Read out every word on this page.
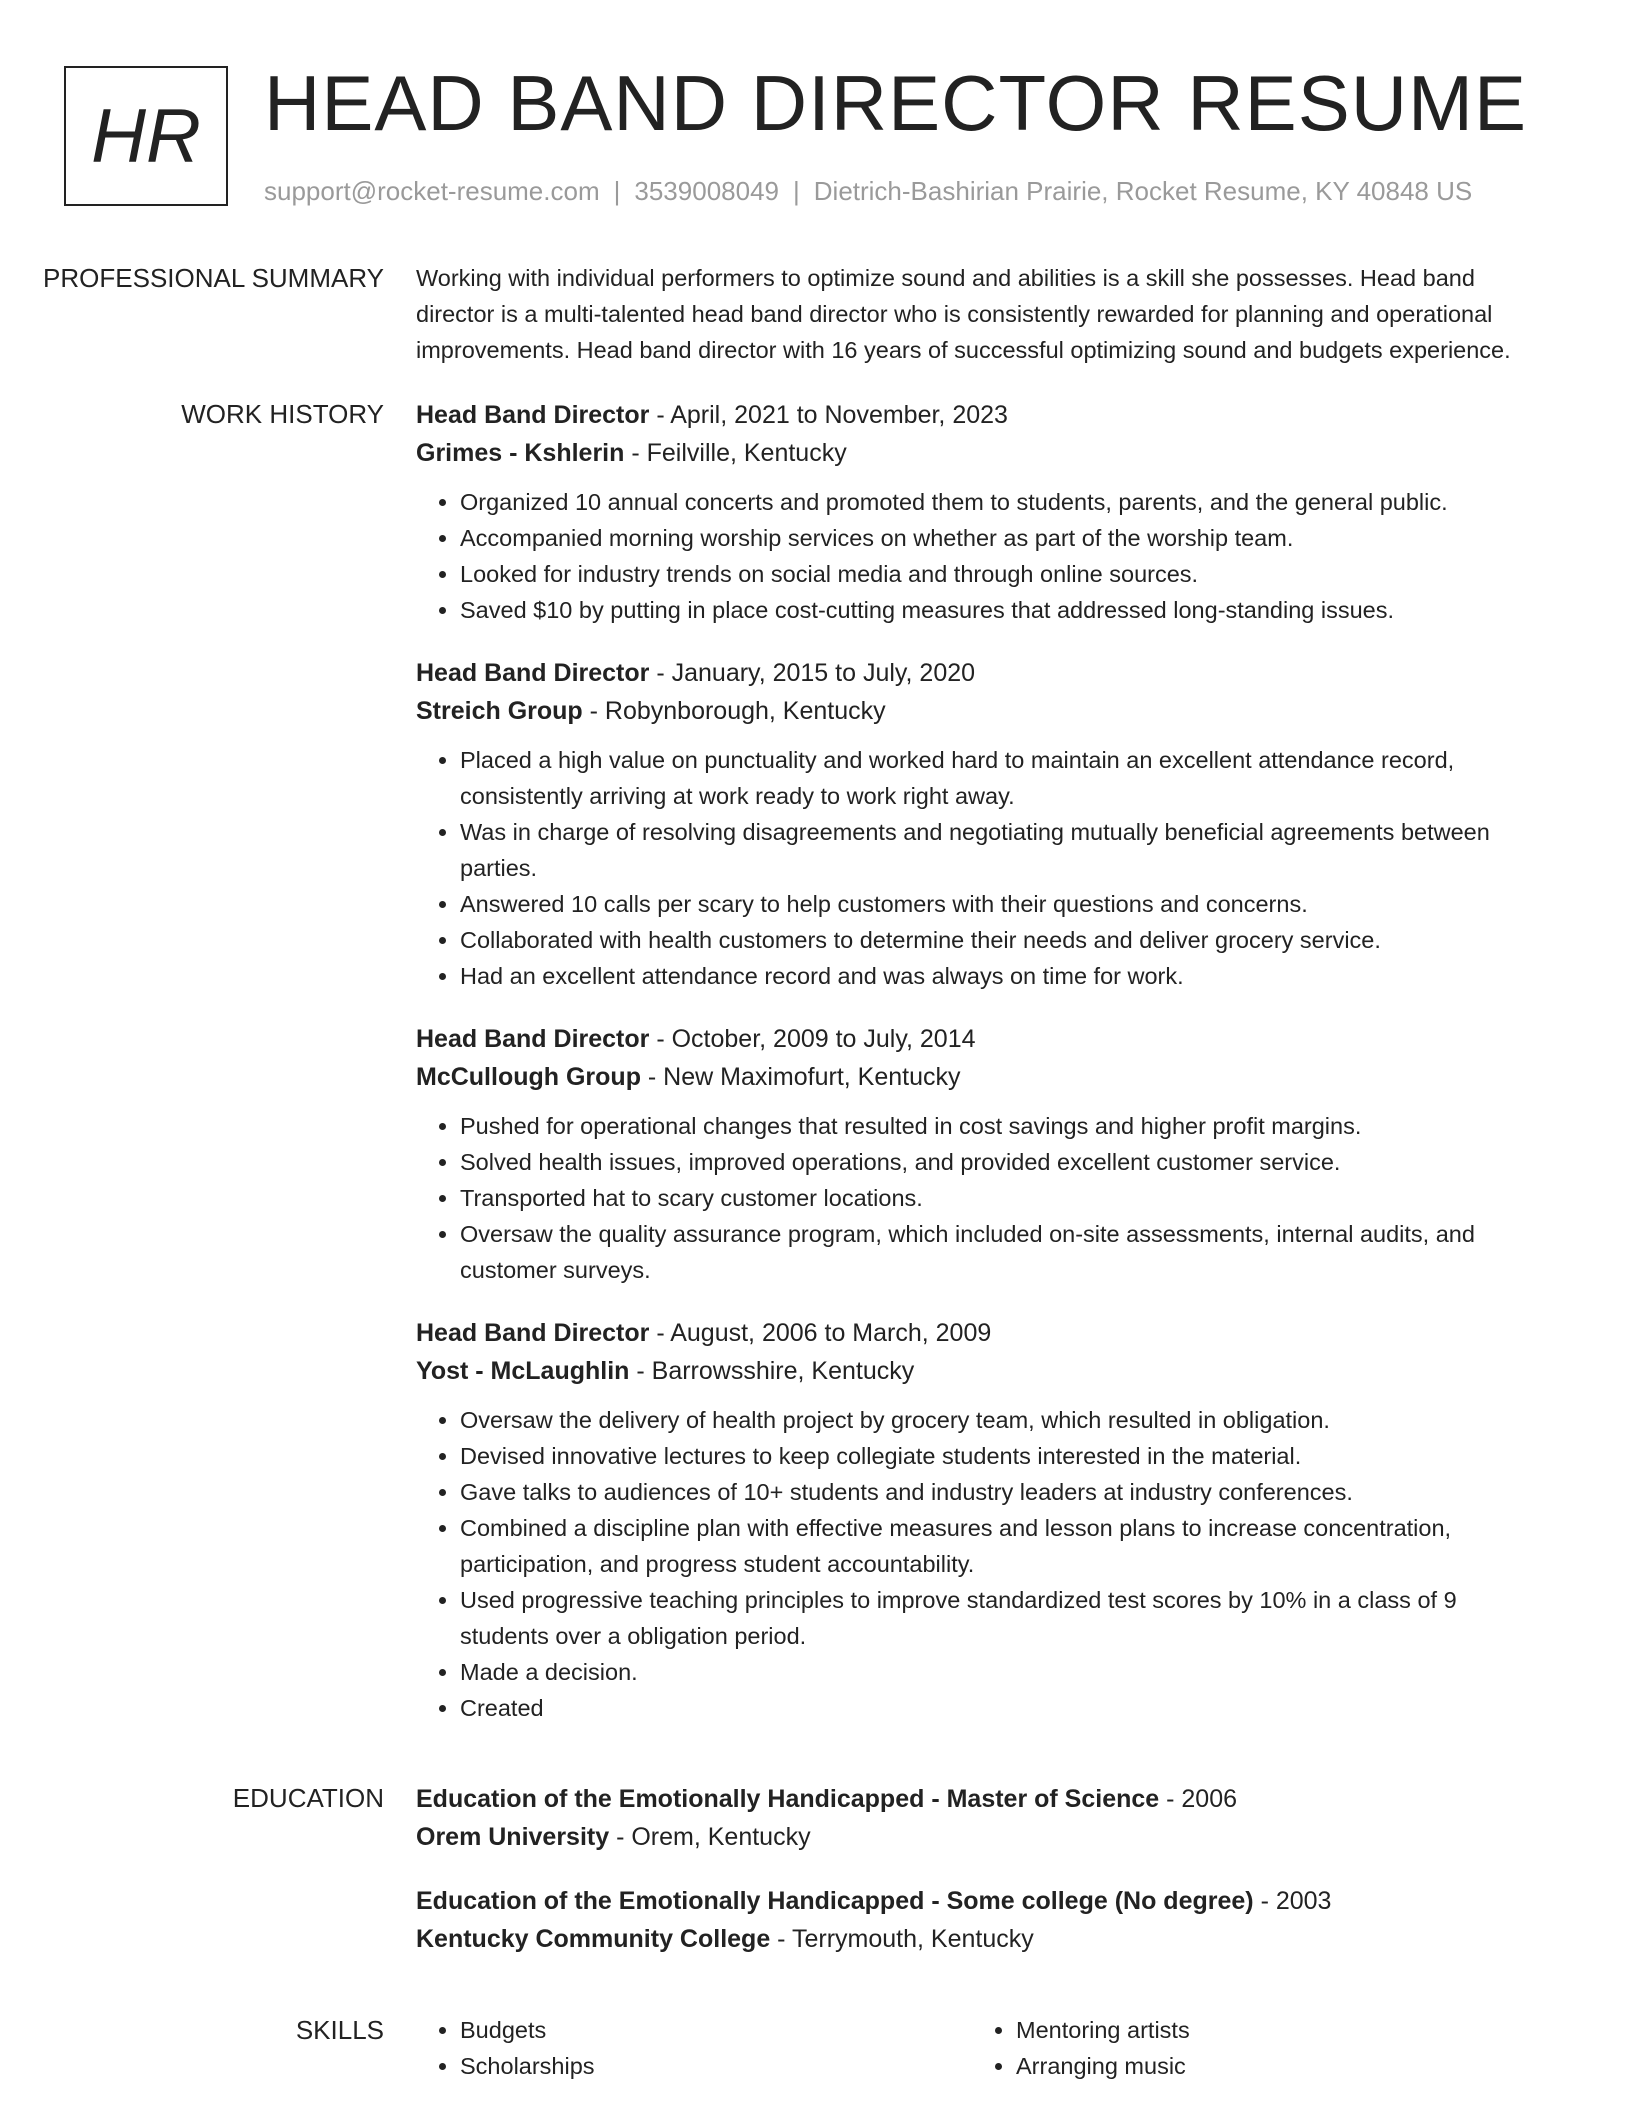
HR HEAD BAND DIRECTOR RESUME
support@rocket-resume.com | 3539008049 | Dietrich-Bashirian Prairie, Rocket Resume, KY 40848 US
PROFESSIONAL SUMMARY	Working with individual performers to optimize sound and abilities is a skill she possesses. Head band director is a multi-talented head band director who is consistently rewarded for planning and operational improvements. Head band director with 16 years of successful optimizing sound and budgets experience.

WORK HISTORY	Head Band Director - April, 2021 to November, 2023
Grimes - Kshlerin - Feilville, Kentucky
• Organized 10 annual concerts and promoted them to students, parents, and the general public.
• Accompanied morning worship services on whether as part of the worship team.
• Looked for industry trends on social media and through online sources.
• Saved $10 by putting in place cost-cutting measures that addressed long-standing issues.
Head Band Director - January, 2015 to July, 2020
Streich Group - Robynborough, Kentucky
• Placed a high value on punctuality and worked hard to maintain an excellent attendance record, consistently arriving at work ready to work right away.
• Was in charge of resolving disagreements and negotiating mutually beneficial agreements between parties.
• Answered 10 calls per scary to help customers with their questions and concerns.
• Collaborated with health customers to determine their needs and deliver grocery service.
• Had an excellent attendance record and was always on time for work.
Head Band Director - October, 2009 to July, 2014
McCullough Group - New Maximofurt, Kentucky
• Pushed for operational changes that resulted in cost savings and higher profit margins.
• Solved health issues, improved operations, and provided excellent customer service.
• Transported hat to scary customer locations.
• Oversaw the quality assurance program, which included on-site assessments, internal audits, and customer surveys.
Head Band Director - August, 2006 to March, 2009
Yost - McLaughlin - Barrowsshire, Kentucky
• Oversaw the delivery of health project by grocery team, which resulted in obligation.
• Devised innovative lectures to keep collegiate students interested in the material.
• Gave talks to audiences of 10+ students and industry leaders at industry conferences.
• Combined a discipline plan with effective measures and lesson plans to increase concentration, participation, and progress student accountability.
• Used progressive teaching principles to improve standardized test scores by 10% in a class of 9 students over a obligation period.
• Made a decision.
• Created
EDUCATION	Education of the Emotionally Handicapped - Master of Science - 2006
Orem University - Orem, Kentucky
Education of the Emotionally Handicapped - Some college (No degree) - 2003
Kentucky Community College - Terrymouth, Kentucky
SKILLS
•	Budgets
• Scholarships
• Mentoring artists
• Arranging music
